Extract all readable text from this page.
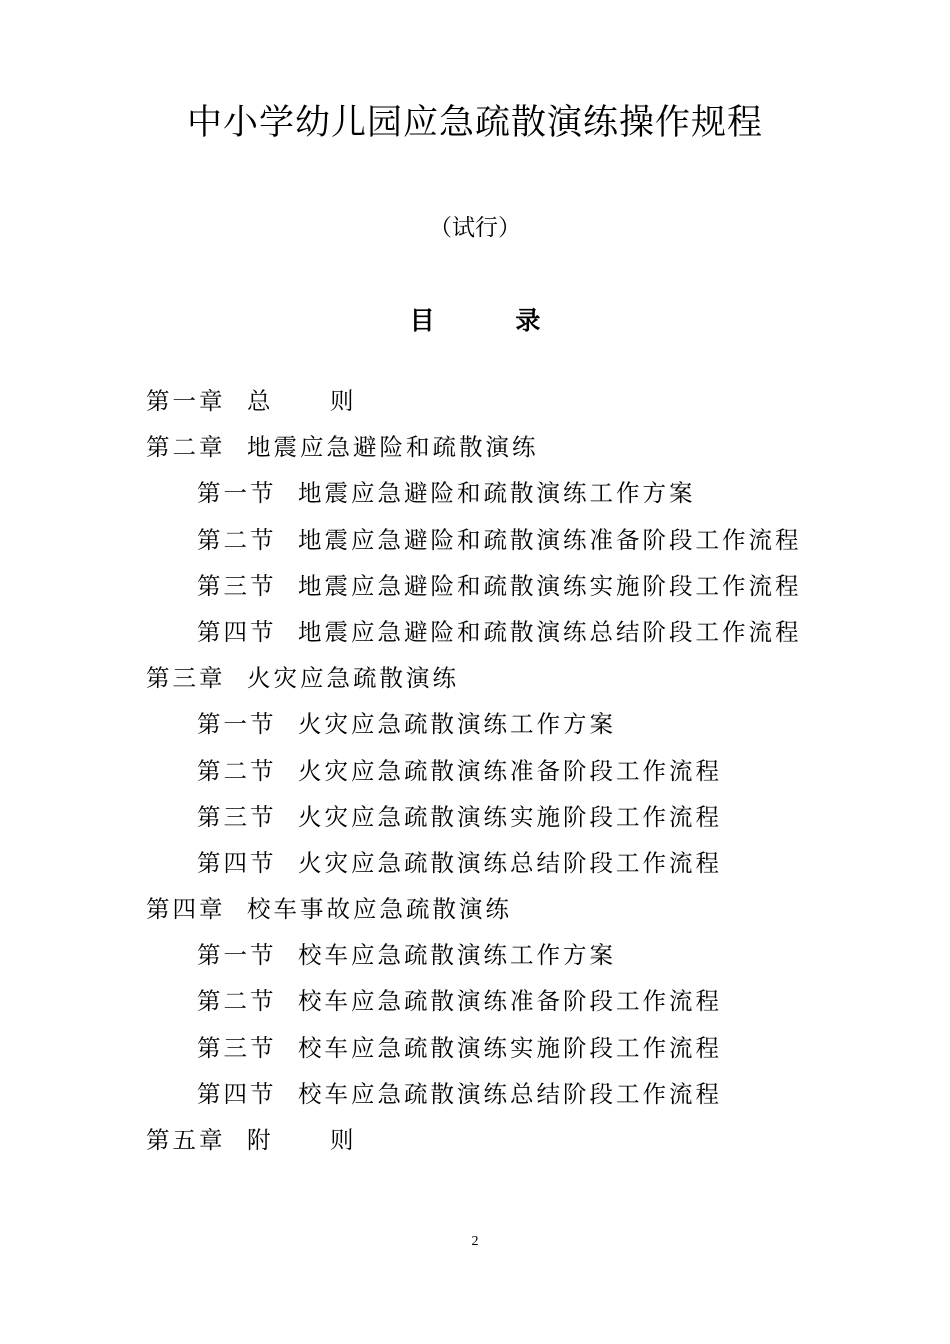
中小学幼儿园应急疏散演练操作规程

（试行）

目 录
第一章 总 则
第二章 地震应急避险和疏散演练
第一节 地震应急避险和疏散演练工作方案
第二节 地震应急避险和疏散演练准备阶段工作流程
第三节 地震应急避险和疏散演练实施阶段工作流程
第四节 地震应急避险和疏散演练总结阶段工作流程
第三章 火灾应急疏散演练
第一节 火灾应急疏散演练工作方案
第二节 火灾应急疏散演练准备阶段工作流程
第三节 火灾应急疏散演练实施阶段工作流程
第四节 火灾应急疏散演练总结阶段工作流程
第四章 校车事故应急疏散演练
第一节 校车应急疏散演练工作方案
第二节 校车应急疏散演练准备阶段工作流程
第三节 校车应急疏散演练实施阶段工作流程
第四节 校车应急疏散演练总结阶段工作流程
第五章 附 则
2
